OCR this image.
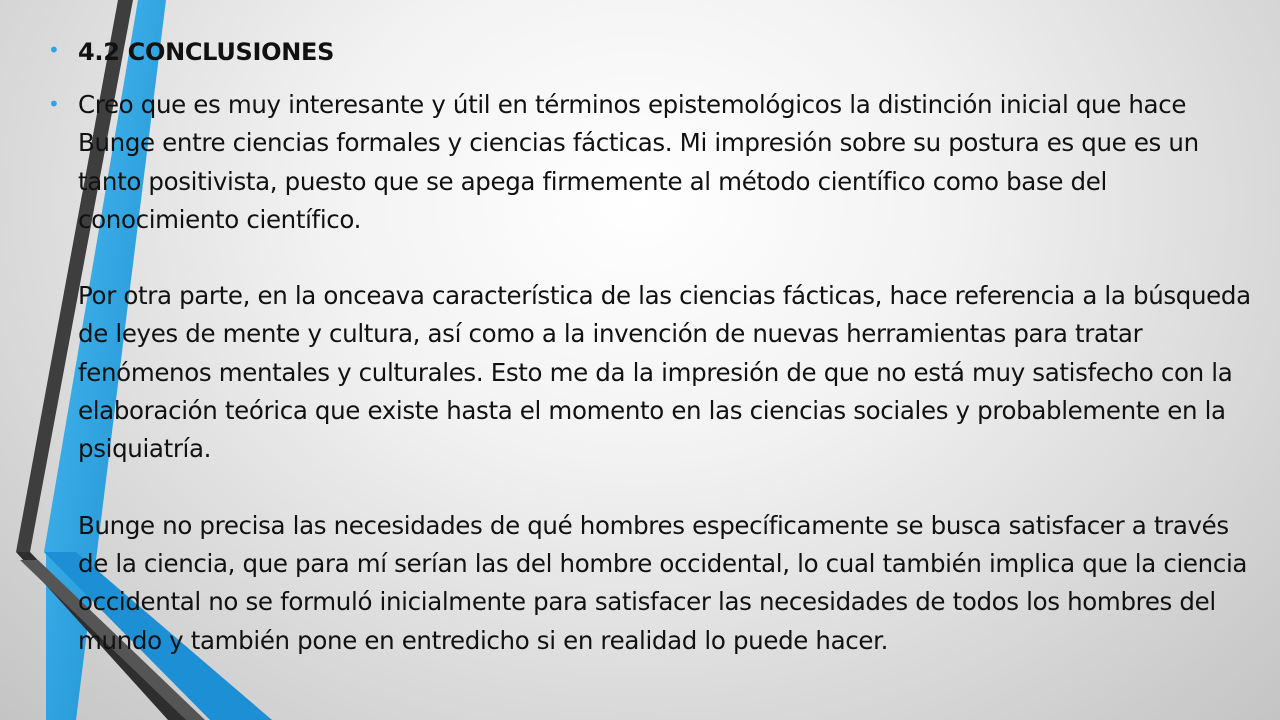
• 4.2 CONCLUSIONES
• Creo que es muy interesante y útil en términos epistemológicos la distinción inicial que hace Bunge entre ciencias formales y ciencias fácticas. Mi impresión sobre su postura es que es un tanto positivista, puesto que se apega firmemente al método científico como base del conocimiento científico.

Por otra parte, en la onceava característica de las ciencias fácticas, hace referencia a la búsqueda de leyes de mente y cultura, así como a la invención de nuevas herramientas para tratar fenómenos mentales y culturales. Esto me da la impresión de que no está muy satisfecho con la elaboración teórica que existe hasta el momento en las ciencias sociales y probablemente en la psiquiatría.

Bunge no precisa las necesidades de qué hombres específicamente se busca satisfacer a través de la ciencia, que para mí serían las del hombre occidental, lo cual también implica que la ciencia occidental no se formuló inicialmente para satisfacer las necesidades de todos los hombres del mundo y también pone en entredicho si en realidad lo puede hacer.
